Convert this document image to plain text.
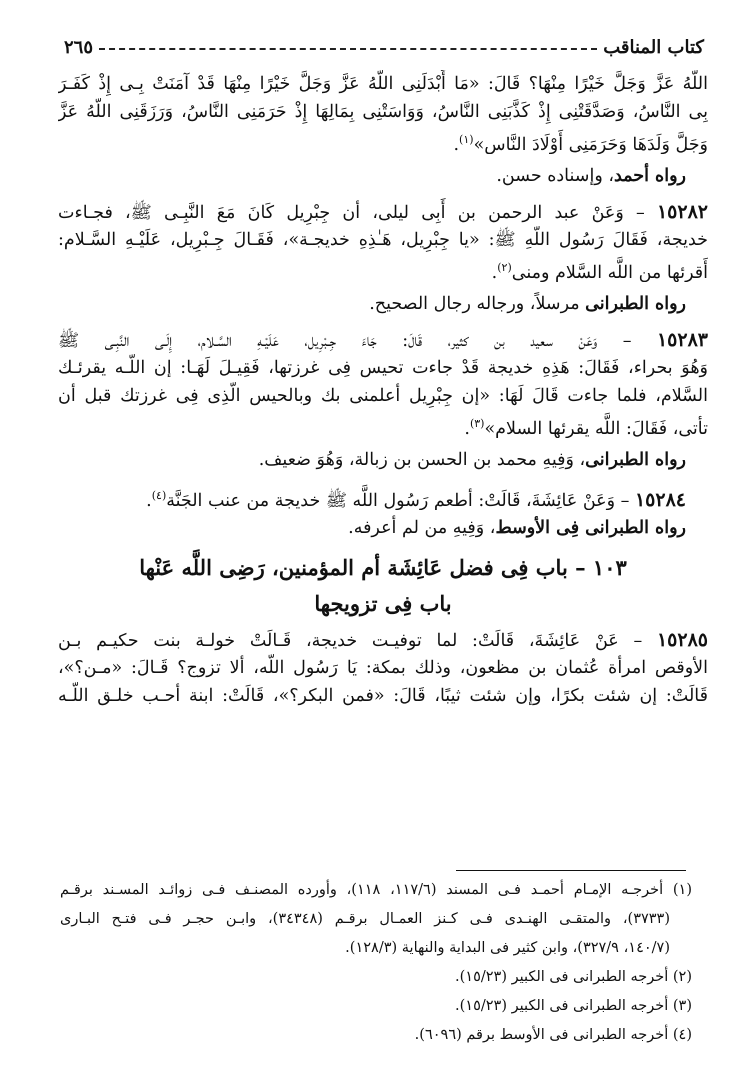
كتاب المناقب
٢٦٥
اللَّهُ عَزَّ وَجَلَّ خَيْرًا مِنْهَا؟ قَالَ: «مَا أَبْدَلَنِى اللَّهُ عَزَّ وَجَلَّ خَيْرًا مِنْهَا قَدْ آمَنَتْ بِـى إِذْ كَفَـرَ
بِى النَّاسُ، وَصَدَّقَتْنِى إِذْ كَذَّبَنِى النَّاسُ، وَوَاسَتْنِى بِمَالِهَا إِذْ حَرَمَنِى النَّاسُ، وَرَزَقَنِى اللَّهُ عَزَّ
وَجَلَّ وَلَدَهَا وَحَرَمَنِى أَوْلَادَ النَّاسِ»$^{(١)}$.
رواه أحمد، وإسناده حسن.
١٥٢٨٢ – وَعَنْ عبد الرحمن بن أَبِى ليلى، أن جِبْرِيل كَانَ مَعَ النَّبِـى ﷺ، فجـاءت
خديجة، فَقَالَ رَسُول اللَّهِ ﷺ: «يا جِبْرِيل، هَـٰذِهِ خديجـة»، فَقَـالَ جِـبْرِيل، عَلَيْـهِ السَّـلام:
أَقرئها من اللَّه السَّلام ومنى$^{(٢)}$.
رواه الطبرانى مرسلاً، ورجاله رجال الصحيح.
١٥٢٨٣ – وَعَنْ سعيد بن كثير، قَالَ: جَاءَ جِـبْرِيل، عَلَيْـهِ السَّـلام، إِلَـى النَّبِـى ﷺ
وَهُوَ بحراء، فَقَالَ: هَذِهِ خديجة قَدْ جاءت تحيس فِى غرزتها، فَقِيـلَ لَهَـا: إن اللَّـه يقرئـك
السَّلام، فلما جاءت قَالَ لَهَا: «إن جِبْرِيل أعلمنى بك وبالحيس الَّذِى فِى غرزتك قبل أن
تأتى، فَقَالَ: اللَّه يقرئها السلام»$^{(٣)}$.
رواه الطبرانى، وَفِيهِ محمد بن الحسن بن زبالة، وَهُوَ ضعيف.
١٥٢٨٤ – وَعَنْ عَائِشَةَ، قَالَتْ: أطعم رَسُول اللَّه ﷺ خديجة من عنب الجَنَّة$^{(٤)}$.
رواه الطبرانى فِى الأوسط، وَفِيهِ من لم أعرفه.
١٠٣ – باب فِى فضل عَائِشَة أم المؤمنين، رَضِى اللَّه عَنْها
باب فِى تزويجها
١٥٢٨٥ – عَنْ عَائِشَةَ، قَالَتْ: لما توفيـت خديجة، قَـالَتْ خولـة بنت حكيـم بـن
الأوقص امرأة عُثمان بن مظعون، وذلك بمكة: يَا رَسُول اللَّه، ألا تزوج؟ قَـالَ: «مـن؟»،
قَالَتْ: إن شئت بكرًا، وإن شئت ثيبًا، قَالَ: «فمن البكر؟»، قَالَتْ: ابنة أحـب خلـق اللَّـه
(١) أخرجـه الإمـام أحمـد فـى المسند (١١٧/٦، ١١٨)، وأورده المصنـف فـى زوائـد المسـند برقـم
(٣٧٣٣)، والمتقـى الهنـدى فـى كـنز العمـال برقـم (٣٤٣٤٨)، وابـن حجـر فـى فتـح البـارى
(١٤٠/٧، ٣٢٧/٩)، وابن كثير فى البداية والنهاية (١٢٨/٣).
(٢) أخرجه الطبرانى فى الكبير (١٥/٢٣).
(٣) أخرجه الطبرانى فى الكبير (١٥/٢٣).
(٤) أخرجه الطبرانى فى الأوسط برقم (٦٠٩٦).
